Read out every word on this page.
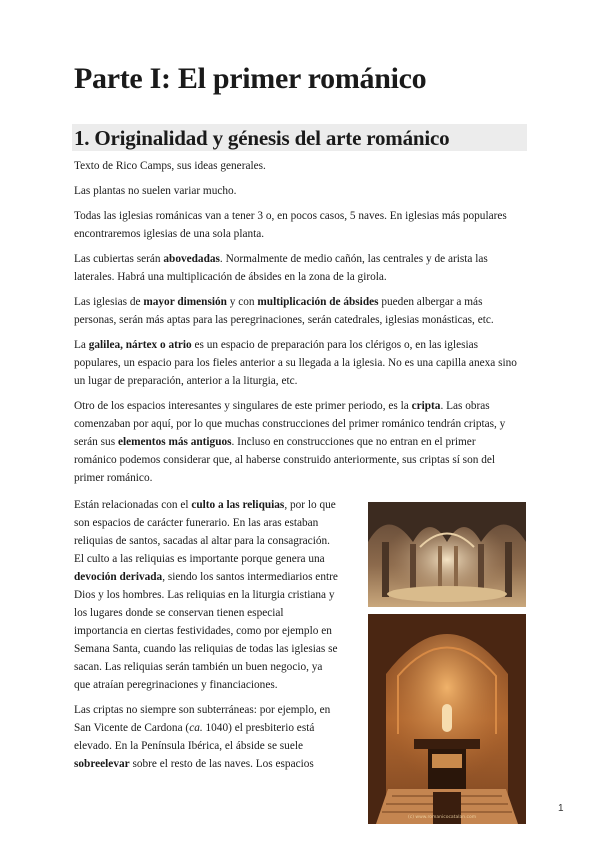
Parte I: El primer románico
1. Originalidad y génesis del arte románico

Texto de Rico Camps, sus ideas generales.

Las plantas no suelen variar mucho.

Todas las iglesias románicas van a tener 3 o, en pocos casos, 5 naves. En iglesias más populares encontraremos iglesias de una sola planta.

Las cubiertas serán abovedadas. Normalmente de medio cañón, las centrales y de arista las laterales. Habrá una multiplicación de ábsides en la zona de la girola.

Las iglesias de mayor dimensión y con multiplicación de ábsides pueden albergar a más personas, serán más aptas para las peregrinaciones, serán catedrales, iglesias monásticas, etc.

La galilea, nártex o atrio es un espacio de preparación para los clérigos o, en las iglesias populares, un espacio para los fieles anterior a su llegada a la iglesia. No es una capilla anexa sino un lugar de preparación, anterior a la liturgia, etc.

Otro de los espacios interesantes y singulares de este primer periodo, es la cripta. Las obras comenzaban por aquí, por lo que muchas construcciones del primer románico tendrán criptas, y serán sus elementos más antiguos. Incluso en construcciones que no entran en el primer románico podemos considerar que, al haberse construido anteriormente, sus criptas sí son del primer románico.

Están relacionadas con el culto a las reliquias, por lo que son espacios de carácter funerario. En las aras estaban reliquias de santos, sacadas al altar para la consagración. El culto a las reliquias es importante porque genera una devoción derivada, siendo los santos intermediarios entre Dios y los hombres. Las reliquias en la liturgia cristiana y los lugares donde se conservan tienen especial importancia en ciertas festividades, como por ejemplo en Semana Santa, cuando las reliquias de todas las iglesias se sacan. Las reliquias serán también un buen negocio, ya que atraían peregrinaciones y financiaciones.

Las criptas no siempre son subterráneas: por ejemplo, en San Vicente de Cardona (ca. 1040) el presbiterio está elevado. En la Península Ibérica, el ábside se suele sobreelevar sobre el resto de las naves. Los espacios

(c) www.romanicocatalan.com
1
